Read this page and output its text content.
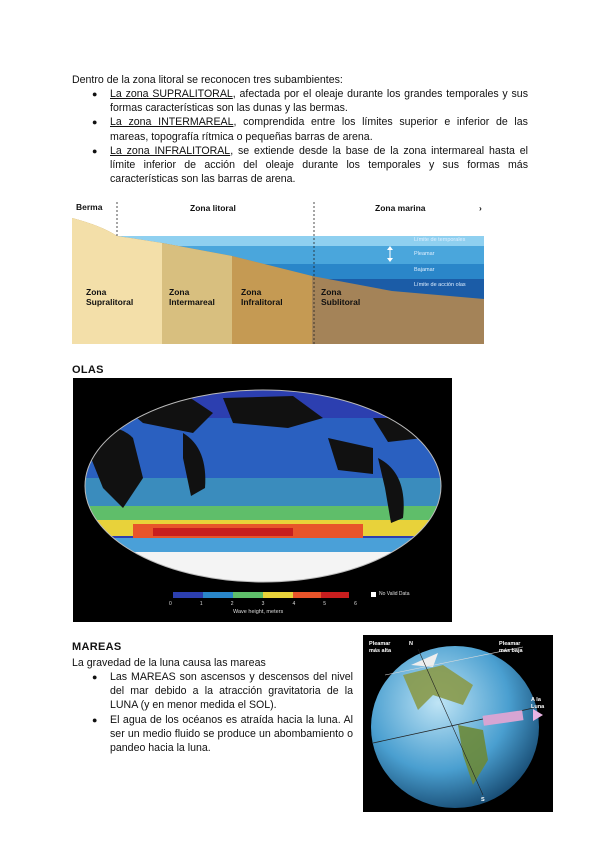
Dentro de la zona litoral se reconocen tres subambientes:
● La zona SUPRALITORAL, afectada por el oleaje durante los grandes temporales y sus formas características son las dunas y las bermas.
● La zona INTERMAREAL, comprendida entre los límites superior e inferior de las mareas, topografía rítmica o pequeñas barras de arena.
● La zona INFRALITORAL, se extiende desde la base de la zona intermareal hasta el límite inferior de acción del oleaje durante los temporales y sus formas más características son las barras de arena.
Berma	Zona litoral	Zona marina	›
Límite de temporales
Pleamar
Bajamar
Límite de acción olas
Zona
Supralitoral
Zona
Intermareal
Zona
Infralitoral
Zona
Sublitoral
OLAS
0	1	2	3	4	5	6
Wave height, meters
No Valid Data
MAREAS
La gravedad de la luna causa las mareas
● Las MAREAS son ascensos y descensos del nivel del mar debido a la atracción gravitatoria de la LUNA (y en menor medida el SOL).
● El agua de los océanos es atraída hacia la luna. Al ser un medio fluido se produce un abombamiento o pandeo hacia la luna.
Pleamar
más alta
Pleamar
más baja
A la
Luna
N
S
